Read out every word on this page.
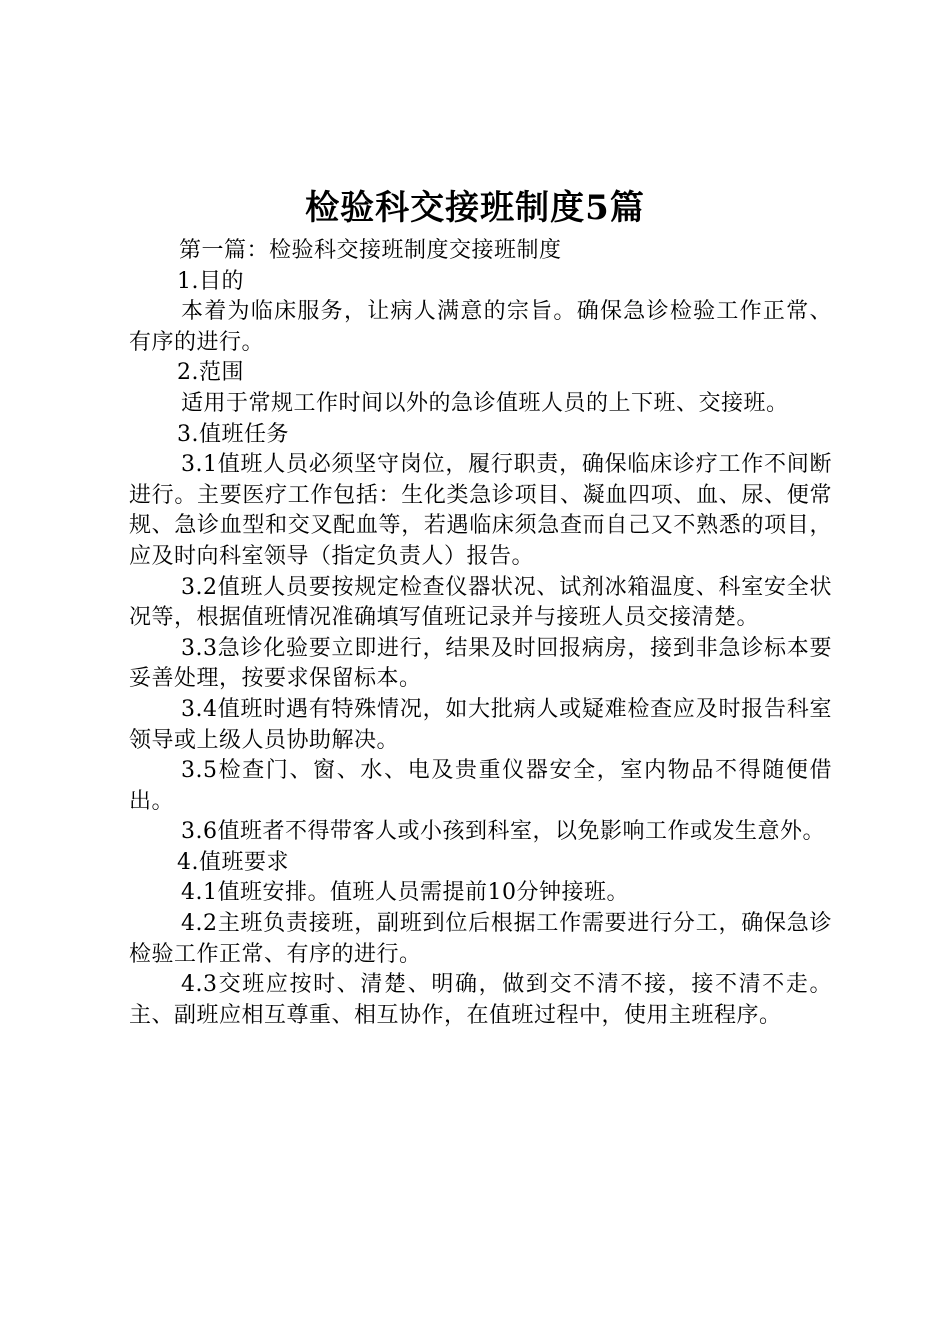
检验科交接班制度5篇

第一篇：检验科交接班制度交接班制度

1.目的

本着为临床服务，让病人满意的宗旨。确保急诊检验工作正常、有序的进行。

2.范围

适用于常规工作时间以外的急诊值班人员的上下班、交接班。

3.值班任务

3.1值班人员必须坚守岗位，履行职责，确保临床诊疗工作不间断进行。主要医疗工作包括：生化类急诊项目、凝血四项、血、尿、便常规、急诊血型和交叉配血等，若遇临床须急查而自己又不熟悉的项目，应及时向科室领导（指定负责人）报告。

3.2值班人员要按规定检查仪器状况、试剂冰箱温度、科室安全状况等，根据值班情况准确填写值班记录并与接班人员交接清楚。

3.3急诊化验要立即进行，结果及时回报病房，接到非急诊标本要妥善处理，按要求保留标本。

3.4值班时遇有特殊情况，如大批病人或疑难检查应及时报告科室领导或上级人员协助解决。

3.5检查门、窗、水、电及贵重仪器安全，室内物品不得随便借出。

3.6值班者不得带客人或小孩到科室，以免影响工作或发生意外。

4.值班要求

4.1值班安排。值班人员需提前10分钟接班。

4.2主班负责接班，副班到位后根据工作需要进行分工，确保急诊检验工作正常、有序的进行。

4.3交班应按时、清楚、明确，做到交不清不接，接不清不走。主、副班应相互尊重、相互协作，在值班过程中，使用主班程序。
